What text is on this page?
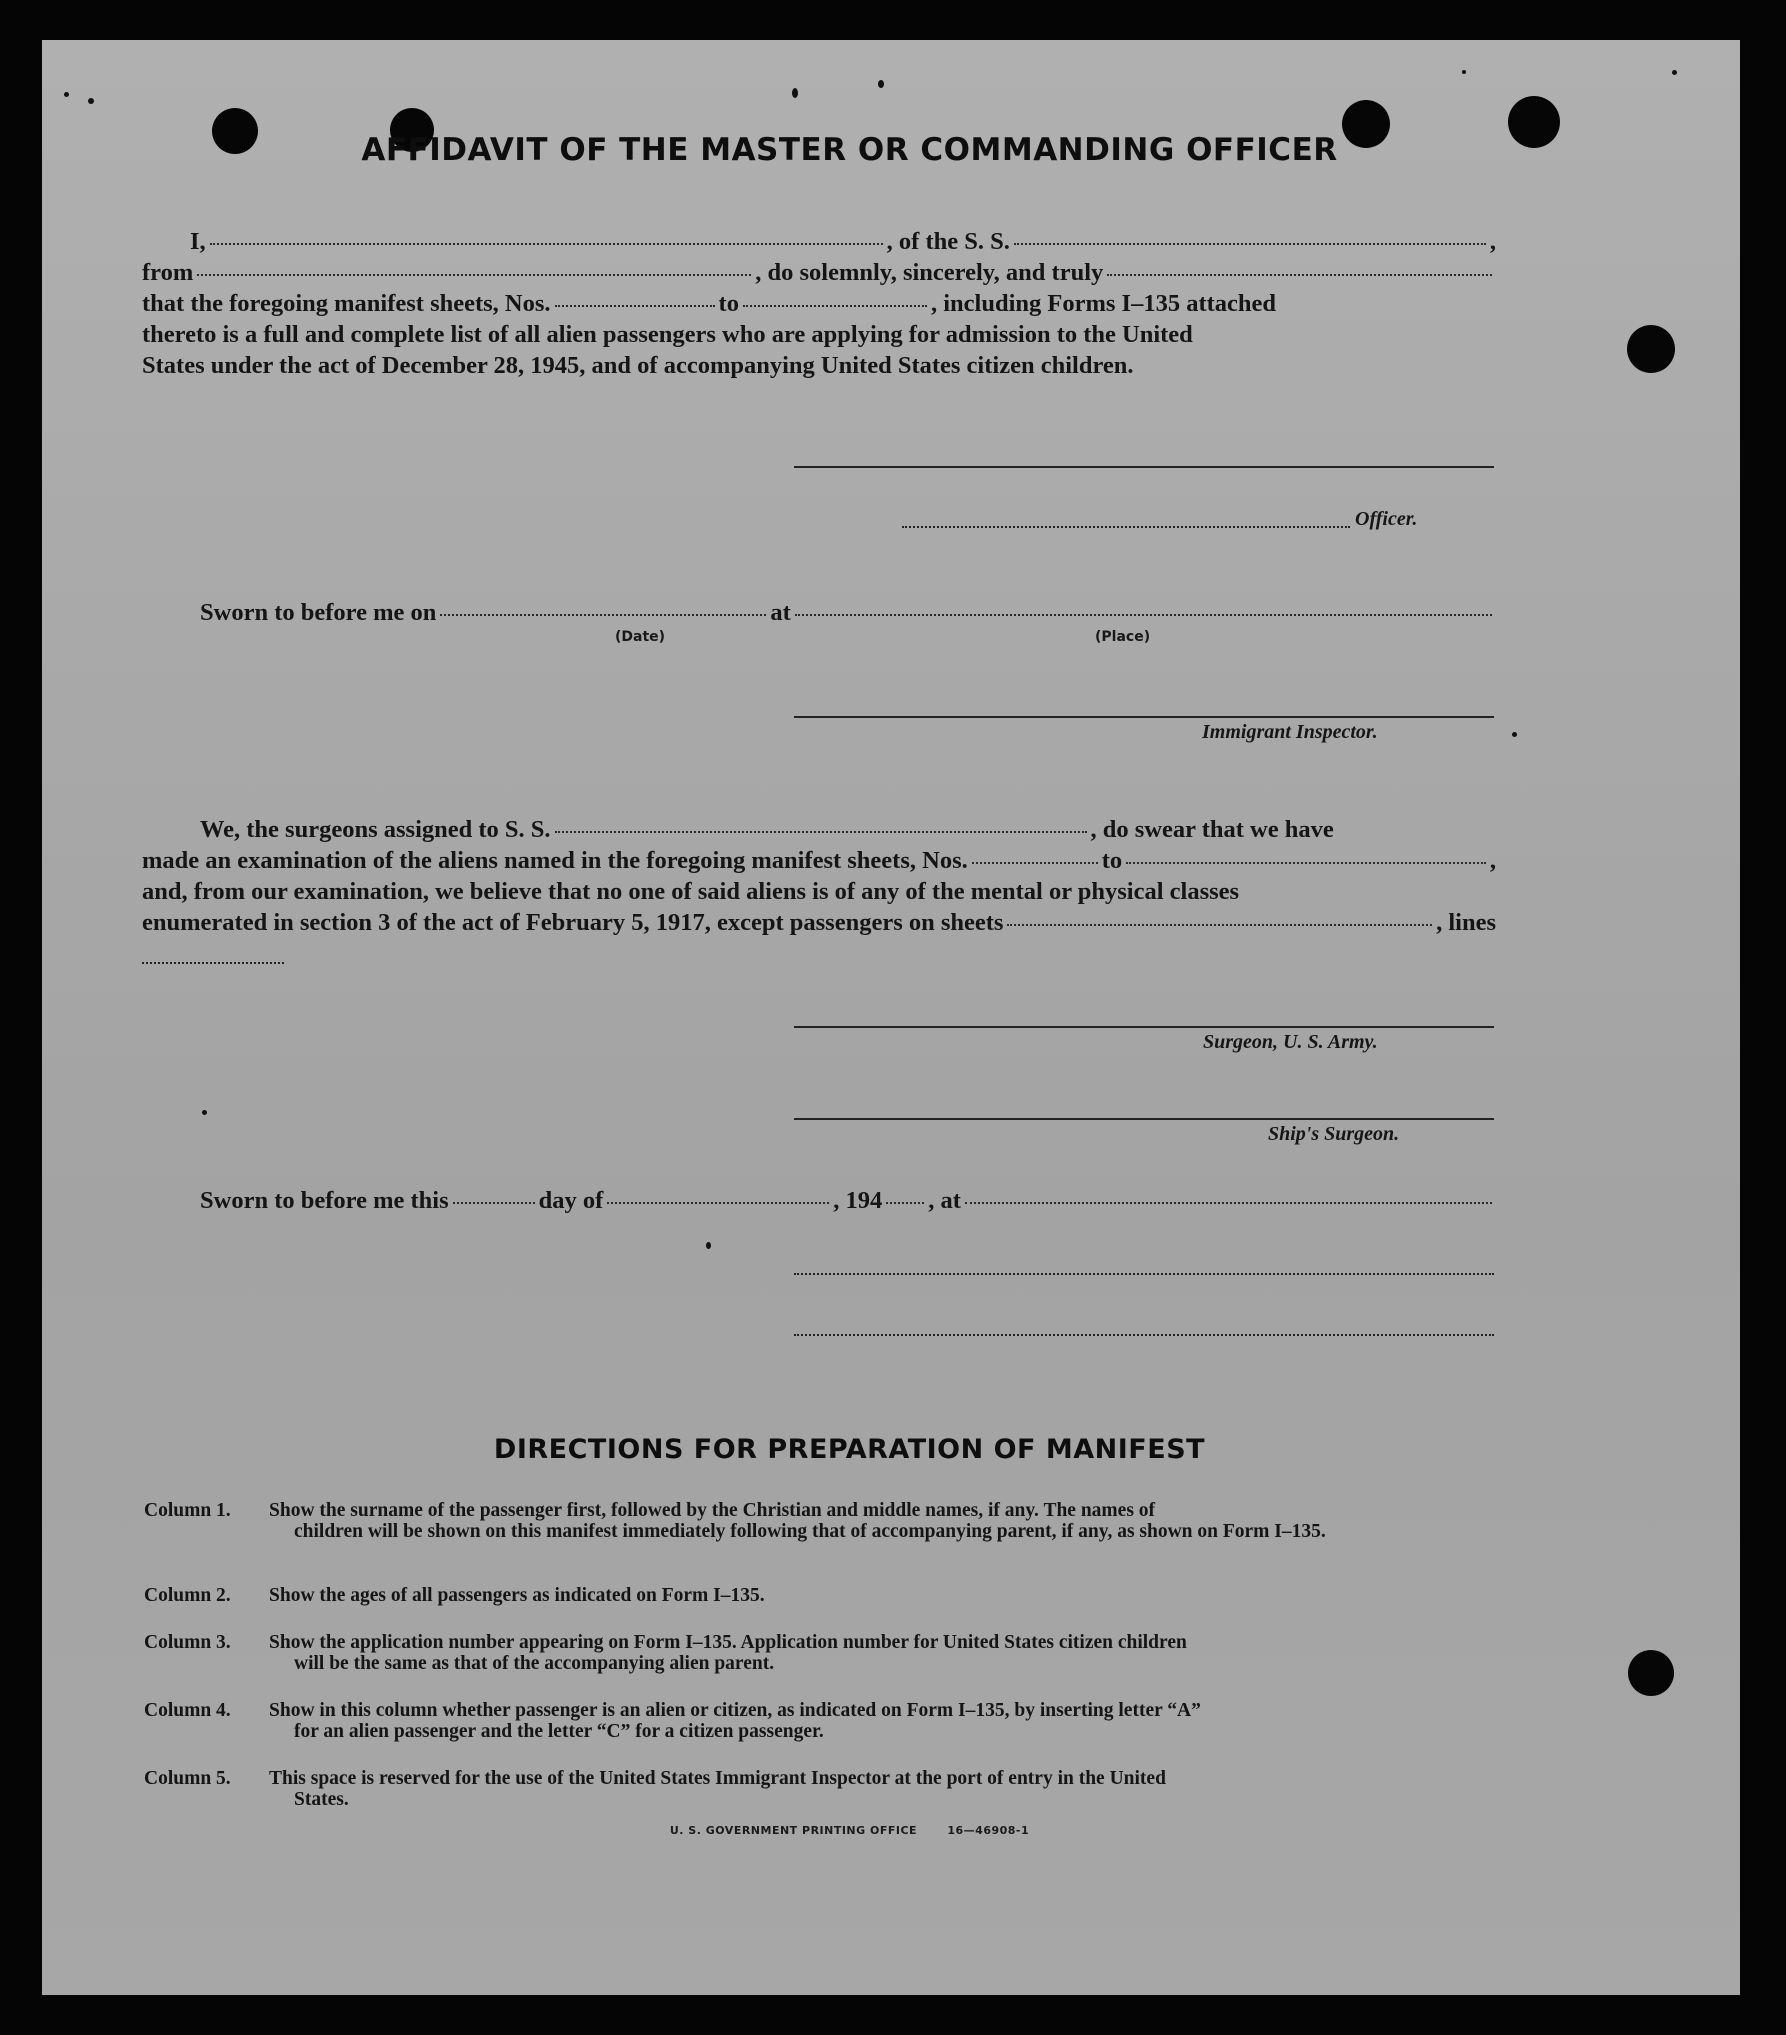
AFFIDAVIT OF THE MASTER OR COMMANDING OFFICER
I,	, of the S. S.	,
from	, do solemnly, sincerely, and truly
that the foregoing manifest sheets, Nos.	to	, including Forms I–135 attached
thereto is a full and complete list of all alien passengers who are applying for admission to the United
States under the act of December 28, 1945, and of accompanying United States citizen children.
Officer.
Sworn to before me on	at
(Date)	(Place)
Immigrant Inspector.
We, the surgeons assigned to S. S.	, do swear that we have
made an examination of the aliens named in the foregoing manifest sheets, Nos.	to	,
and, from our examination, we believe that no one of said aliens is of any of the mental or physical classes
enumerated in section 3 of the act of February 5, 1917, except passengers on sheets	, lines
Surgeon, U. S. Army.
Ship's Surgeon.
Sworn to before me this	day of	, 194 , at
DIRECTIONS FOR PREPARATION OF MANIFEST
Column 1.	Show the surname of the passenger first, followed by the Christian and middle names, if any. The names of
children will be shown on this manifest immediately following that of accompanying parent, if any, as shown on Form I–135.
Column 2.	Show the ages of all passengers as indicated on Form I–135.
Column 3.	Show the application number appearing on Form I–135. Application number for United States citizen children
will be the same as that of the accompanying alien parent.
Column 4.	Show in this column whether passenger is an alien or citizen, as indicated on Form I–135, by inserting letter “A”
for an alien passenger and the letter “C” for a citizen passenger.
Column 5.	This space is reserved for the use of the United States Immigrant Inspector at the port of entry in the United
States.
U. S. GOVERNMENT PRINTING OFFICE       16—46908-1
